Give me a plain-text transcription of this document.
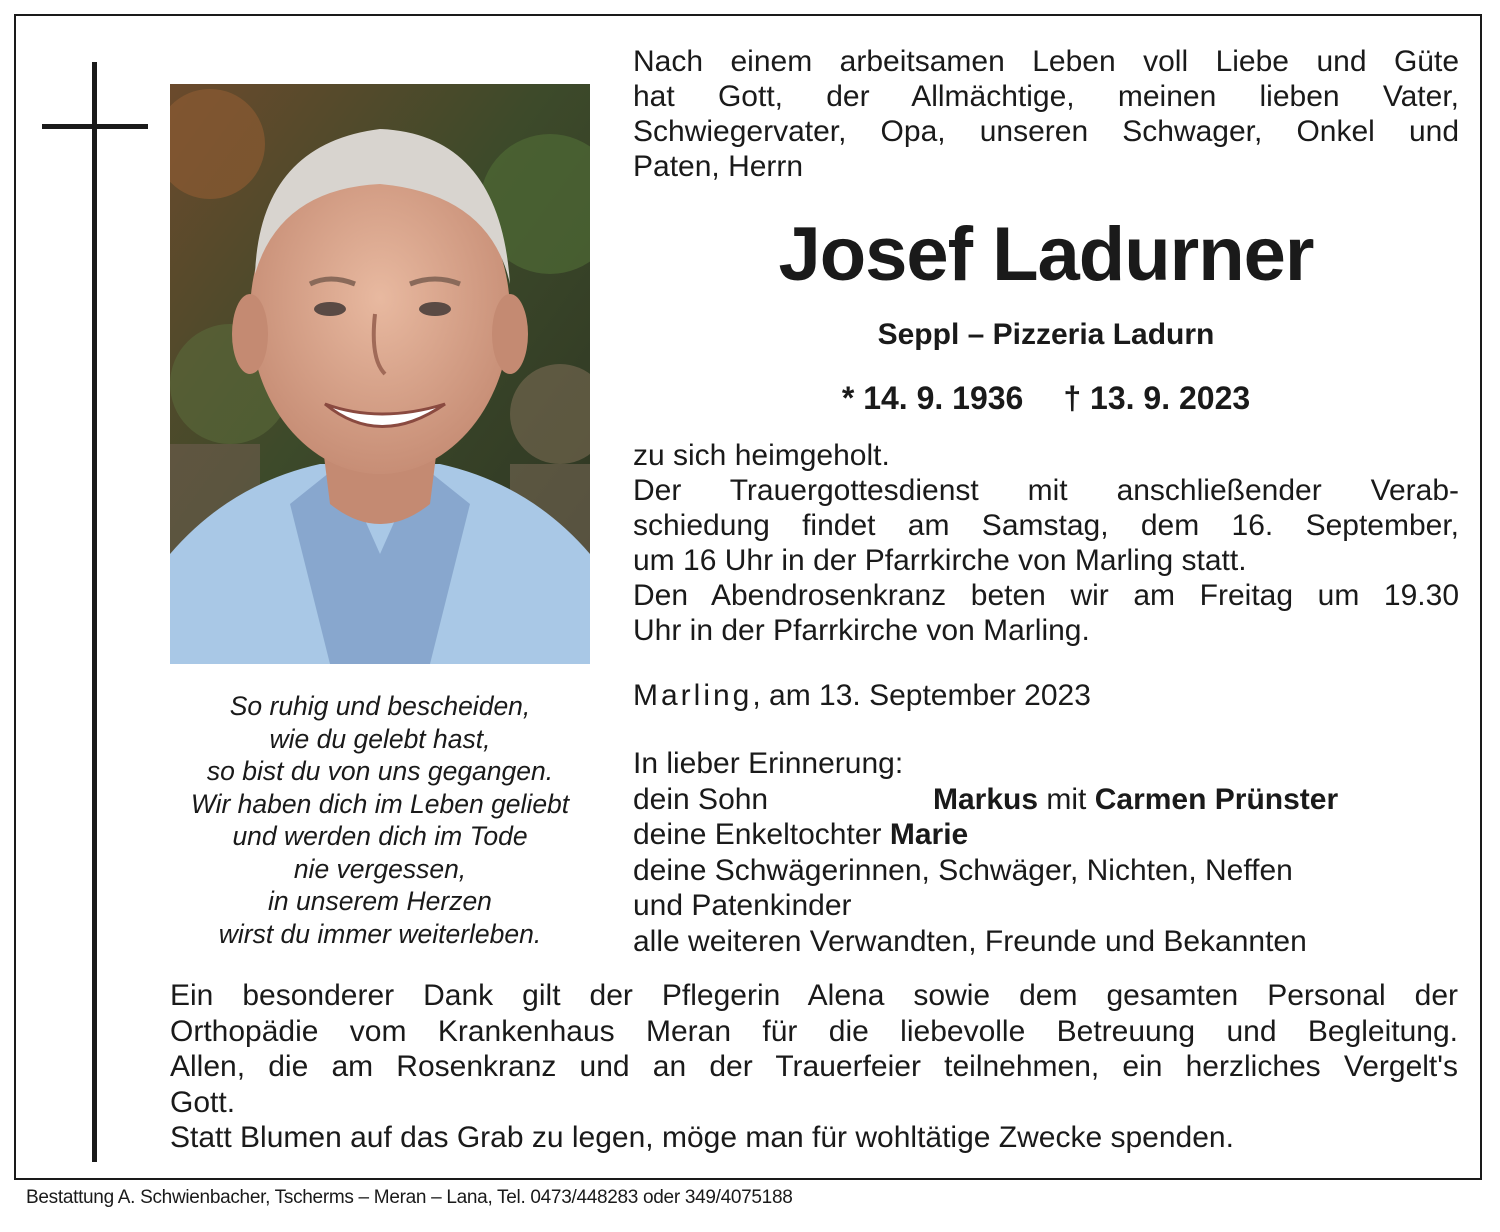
So ruhig und bescheiden,
wie du gelebt hast,
so bist du von uns gegangen.
Wir haben dich im Leben geliebt
und werden dich im Tode
nie vergessen,
in unserem Herzen
wirst du immer weiterleben.
Nach einem arbeitsamen Leben voll Liebe und Güte
hat Gott, der Allmächtige, meinen lieben Vater,
Schwiegervater, Opa, unseren Schwager, Onkel und
Paten, Herrn
Josef Ladurner
Seppl – Pizzeria Ladurn
* 14. 9. 1936 † 13. 9. 2023
zu sich heimgeholt.
Der Trauergottesdienst mit anschließender Verab-
schiedung findet am Samstag, dem 16. September,
um 16 Uhr in der Pfarrkirche von Marling statt.
Den Abendrosenkranz beten wir am Freitag um 19.30
Uhr in der Pfarrkirche von Marling.
Marling, am 13. September 2023
In lieber Erinnerung:
dein Sohn	Markus mit Carmen Prünster
deine Enkeltochter Marie
deine Schwägerinnen, Schwäger, Nichten, Neffen
und Patenkinder
alle weiteren Verwandten, Freunde und Bekannten
Ein besonderer Dank gilt der Pflegerin Alena sowie dem gesamten Personal der
Orthopädie vom Krankenhaus Meran für die liebevolle Betreuung und Begleitung.
Allen, die am Rosenkranz und an der Trauerfeier teilnehmen, ein herzliches Vergelt's
Gott.
Statt Blumen auf das Grab zu legen, möge man für wohltätige Zwecke spenden.
Bestattung A. Schwienbacher, Tscherms – Meran – Lana, Tel. 0473/448283 oder 349/4075188
